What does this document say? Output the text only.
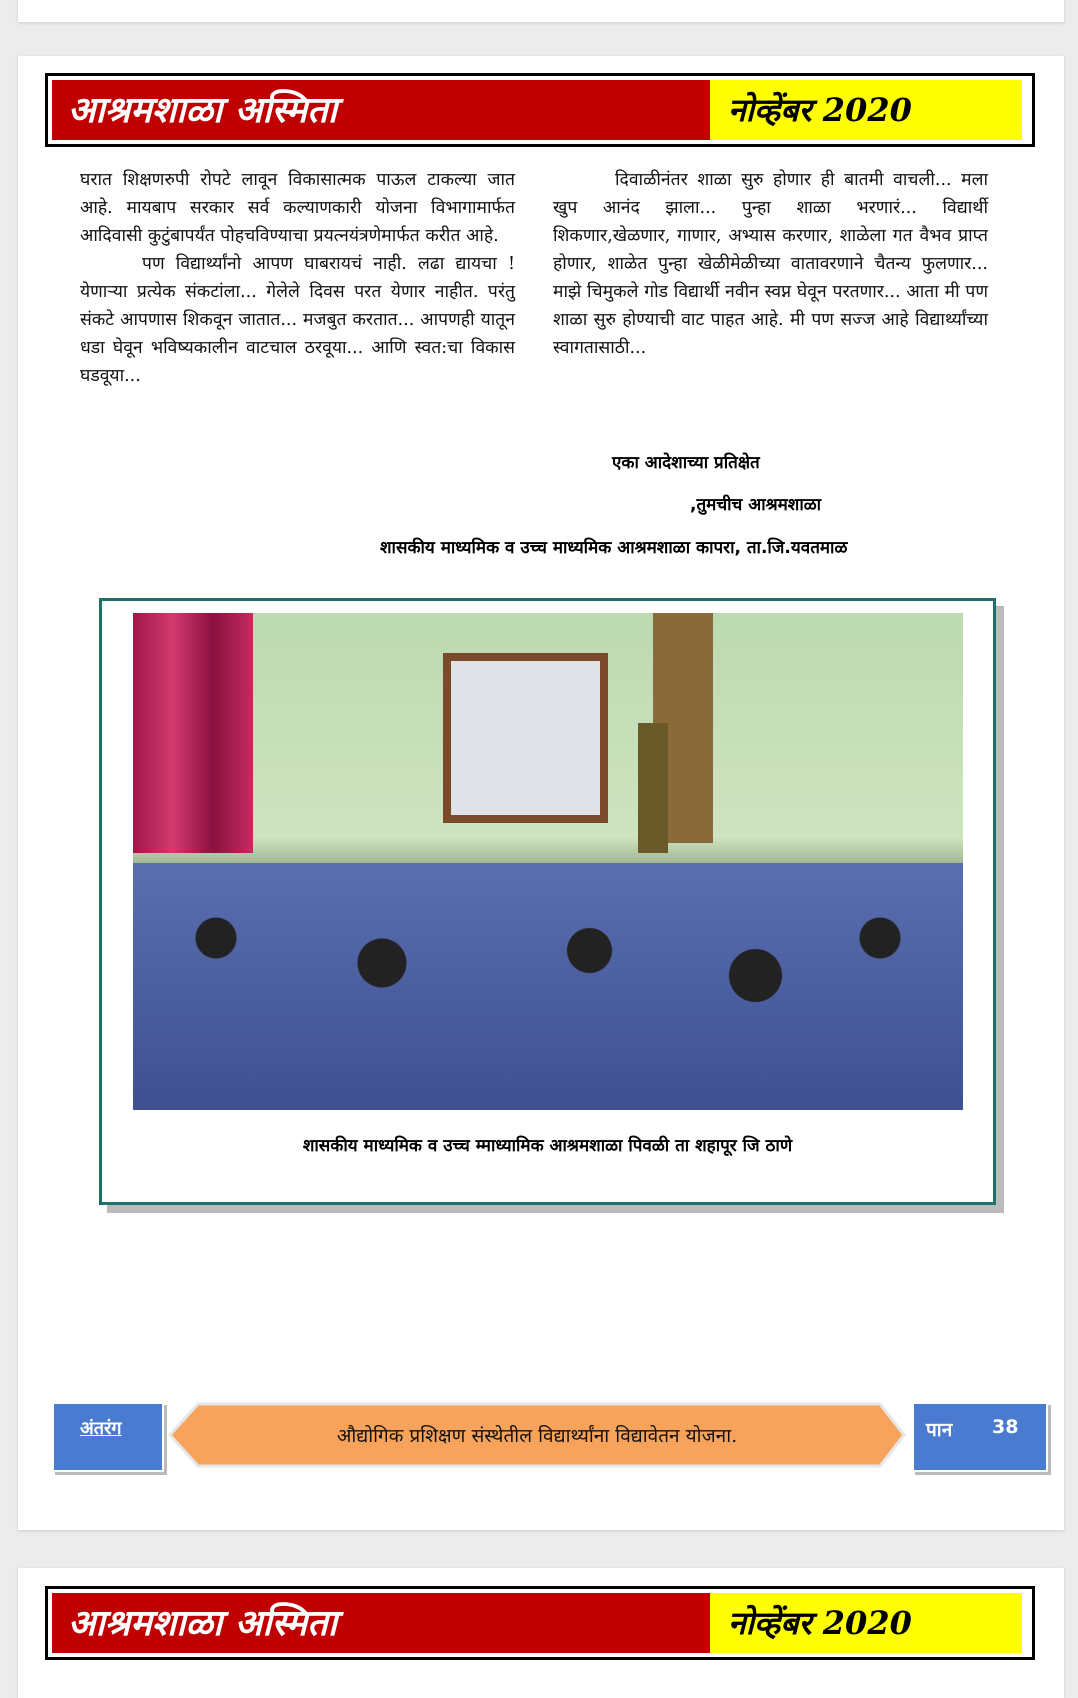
आश्रमशाळा अस्मिता	नोव्हेंबर 2020

घरात शिक्षणरुपी रोपटे लावून विकासात्मक पाऊल टाकल्या जात आहे. मायबाप सरकार सर्व कल्याणकारी योजना विभागामार्फत आदिवासी कुटुंबापर्यंत पोहचविण्याचा प्रयत्नयंत्रणेमार्फत करीत आहे.

पण विद्यार्थ्यांनो आपण घाबरायचं नाही. लढा द्यायचा ! येणाऱ्या प्रत्येक संकटांला... गेलेले दिवस परत येणार नाहीत. परंतु संकटे आपणास शिकवून जातात... मजबुत करतात... आपणही यातून धडा घेवून भविष्यकालीन वाटचाल ठरवूया... आणि स्वत:चा विकास घडवूया...

दिवाळीनंतर शाळा सुरु होणार ही बातमी वाचली... मला खुप आनंद झाला... पुन्हा शाळा भरणारं... विद्यार्थी शिकणार,खेळणार, गाणार, अभ्यास करणार, शाळेला गत वैभव प्राप्त होणार, शाळेत पुन्हा खेळीमेळीच्या वातावरणाने चैतन्य फुलणार... माझे चिमुकले गोड विद्यार्थी नवीन स्वप्न घेवून परतणार... आता मी पण शाळा सुरु होण्याची वाट पाहत आहे. मी पण सज्ज आहे विद्यार्थ्यांच्या स्वागतासाठी...

एका आदेशाच्या प्रतिक्षेत
,तुमचीच आश्रमशाळा
शासकीय माध्यमिक व उच्च माध्यमिक आश्रमशाळा कापरा, ता.जि.यवतमाळ
शासकीय माध्यमिक व उच्च म्माध्यामिक आश्रमशाळा पिवळी ता शहापूर जि ठाणे
अंतरंग	औद्योगिक प्रशिक्षण संस्थेतील विद्यार्थ्यांना विद्यावेतन योजना.	पान 38
आश्रमशाळा अस्मिता	नोव्हेंबर 2020
